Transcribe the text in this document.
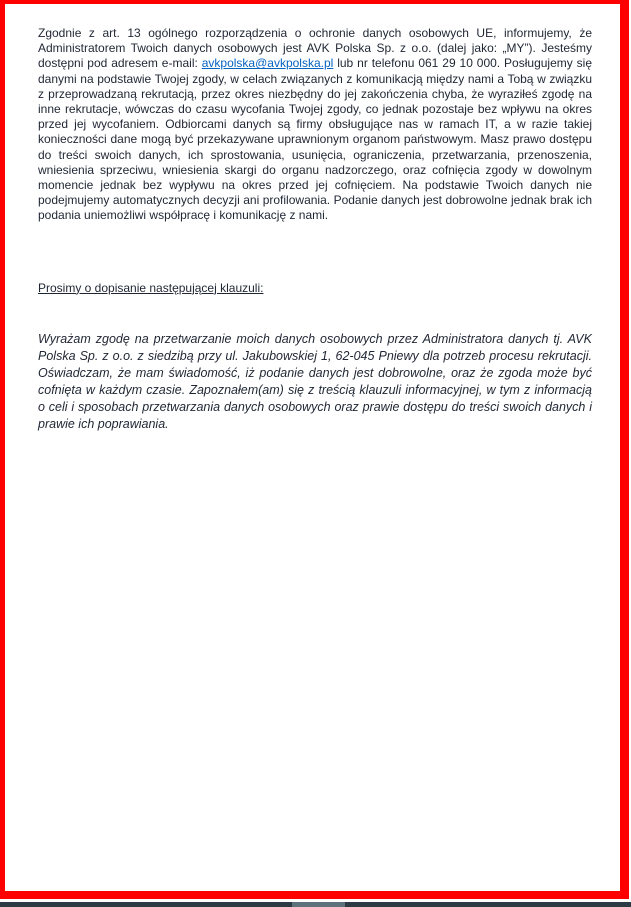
Zgodnie z art. 13 ogólnego rozporządzenia o ochronie danych osobowych UE, informujemy, że Administratorem Twoich danych osobowych jest AVK Polska Sp. z o.o. (dalej jako: „MY”). Jesteśmy dostępni pod adresem e-mail: avkpolska@avkpolska.pl lub nr telefonu 061 29 10 000. Posługujemy się danymi na podstawie Twojej zgody, w celach związanych z komunikacją między nami a Tobą w związku z przeprowadzaną rekrutacją, przez okres niezbędny do jej zakończenia chyba, że wyraziłeś zgodę na inne rekrutacje, wówczas do czasu wycofania Twojej zgody, co jednak pozostaje bez wpływu na okres przed jej wycofaniem. Odbiorcami danych są firmy obsługujące nas w ramach IT, a w razie takiej konieczności dane mogą być przekazywane uprawnionym organom państwowym. Masz prawo dostępu do treści swoich danych, ich sprostowania, usunięcia, ograniczenia, przetwarzania, przenoszenia, wniesienia sprzeciwu, wniesienia skargi do organu nadzorczego, oraz cofnięcia zgody w dowolnym momencie jednak bez wypływu na okres przed jej cofnięciem. Na podstawie Twoich danych nie podejmujemy automatycznych decyzji ani profilowania. Podanie danych jest dobrowolne jednak brak ich podania uniemożliwi współpracę i komunikację z nami.

Prosimy o dopisanie następującej klauzuli:

Wyrażam zgodę na przetwarzanie moich danych osobowych przez Administratora danych tj. AVK Polska Sp. z o.o. z siedzibą przy ul. Jakubowskiej 1, 62-045 Pniewy dla potrzeb procesu rekrutacji. Oświadczam, że mam świadomość, iż podanie danych jest dobrowolne, oraz że zgoda może być cofnięta w każdym czasie. Zapoznałem(am) się z treścią klauzuli informacyjnej, w tym z informacją o celi i sposobach przetwarzania danych osobowych oraz prawie dostępu do treści swoich danych i prawie ich poprawiania.
